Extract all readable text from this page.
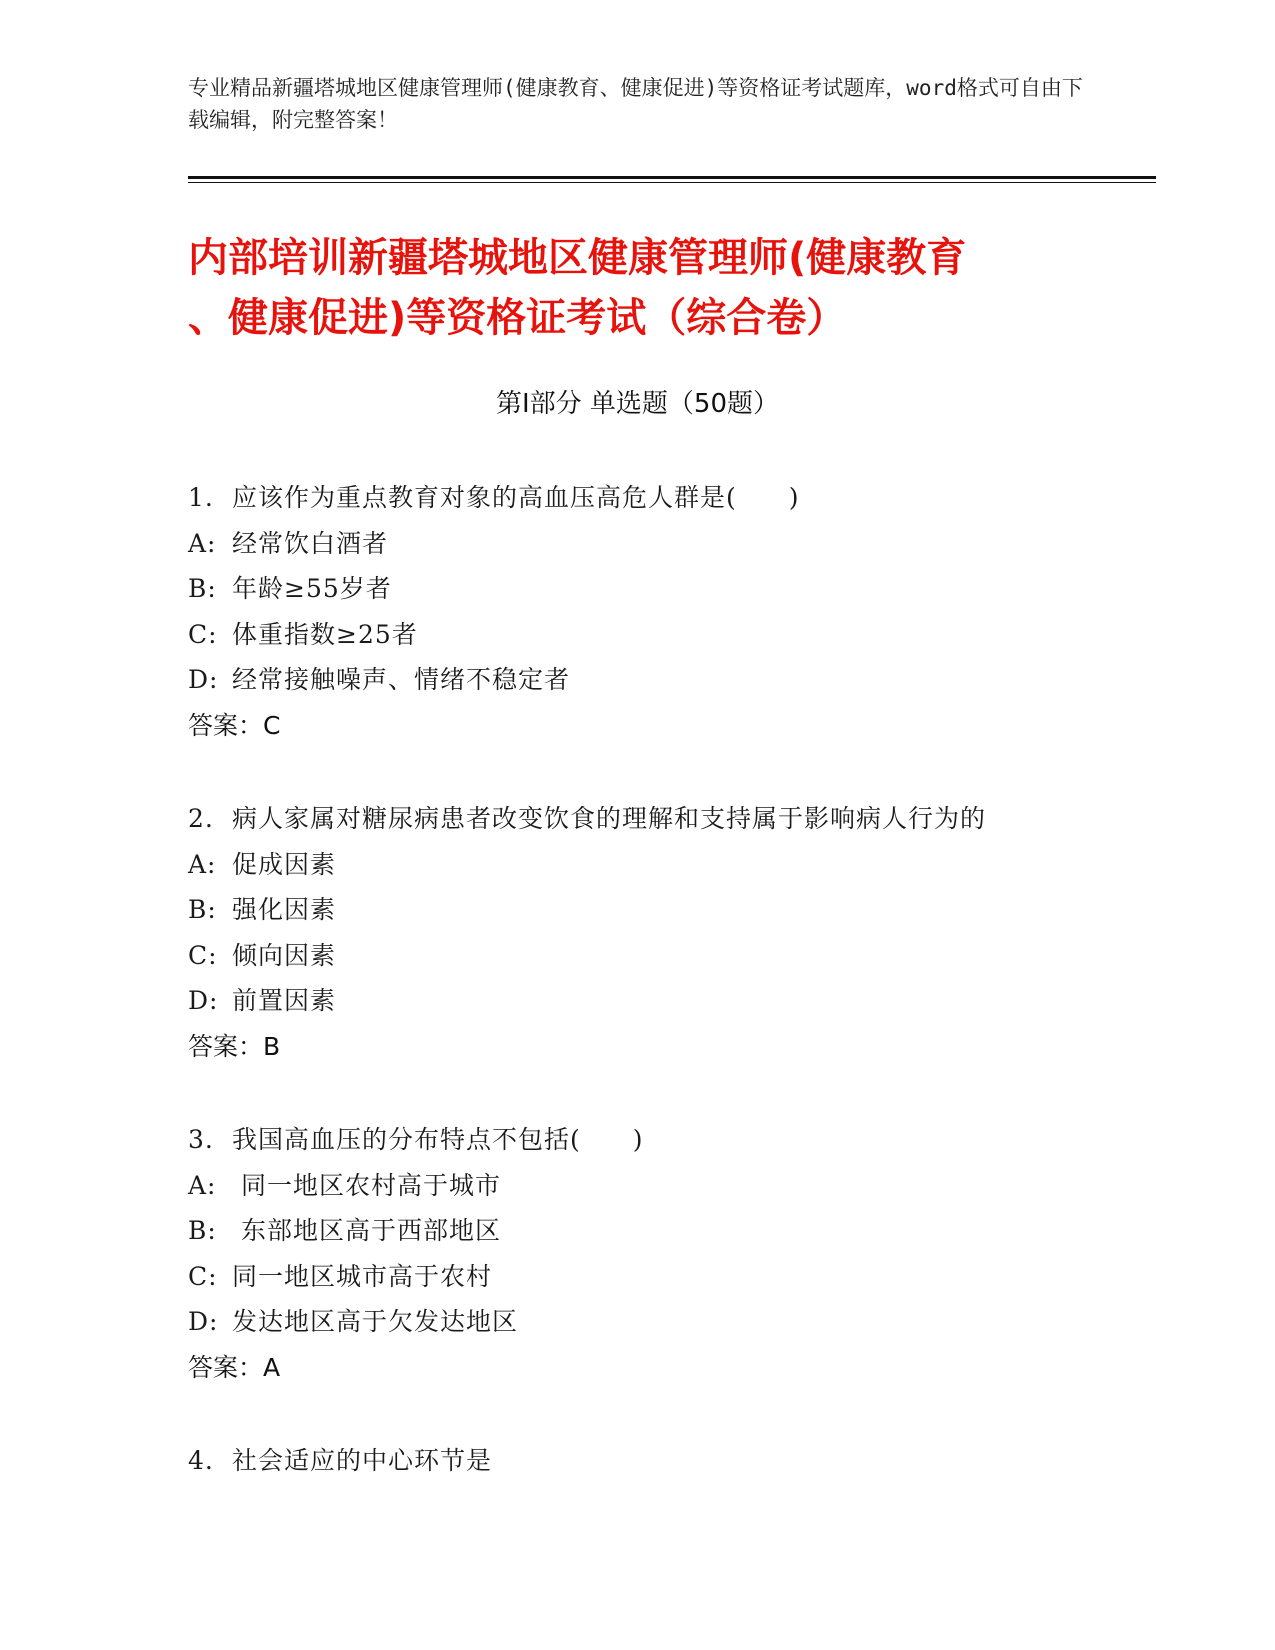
专业精品新疆塔城地区健康管理师(健康教育、健康促进)等资格证考试题库，word格式可自由下载编辑，附完整答案！
内部培训新疆塔城地区健康管理师(健康教育
、健康促进)等资格证考试（综合卷）
第Ⅰ部分 单选题（50题）
1. 应该作为重点教育对象的高血压高危人群是(　　)
A: 经常饮白酒者
B: 年龄≥55岁者
C: 体重指数≥25者
D: 经常接触噪声、情绪不稳定者
答案：C
2. 病人家属对糖尿病患者改变饮食的理解和支持属于影响病人行为的
A: 促成因素
B: 强化因素
C: 倾向因素
D: 前置因素
答案：B
3. 我国高血压的分布特点不包括(　　)
A: 同一地区农村高于城市
B: 东部地区高于西部地区
C: 同一地区城市高于农村
D: 发达地区高于欠发达地区
答案：A
4. 社会适应的中心环节是
